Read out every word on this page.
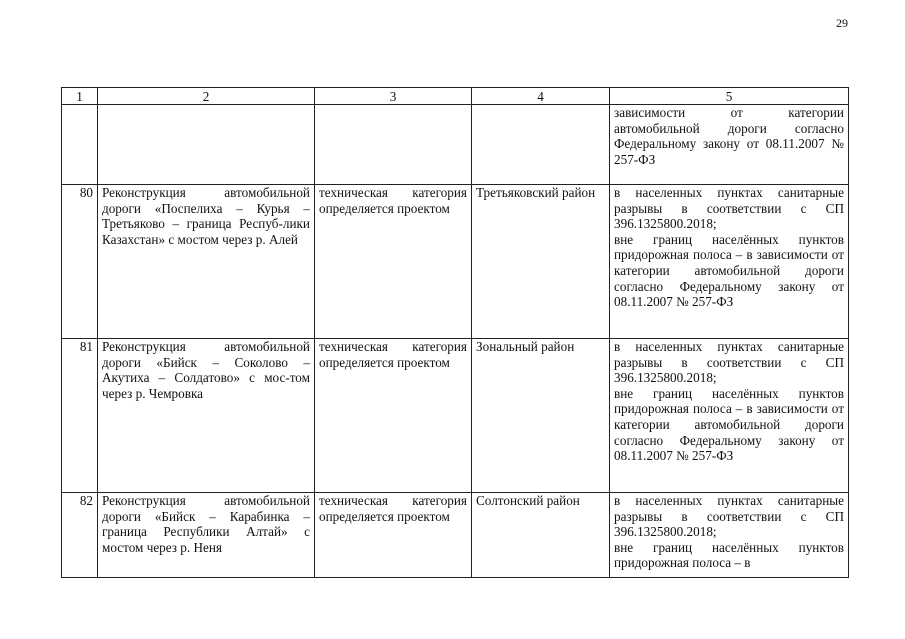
29
1	2	3	4	5
				зависимости от категории автомобильной дороги согласно Федеральному закону от 08.11.2007 № 257-ФЗ
80	Реконструкция автомобильной дороги «Поспелиха – Курья – Третьяково – граница Респуб-лики Казахстан» с мостом через р. Алей	техническая категория определяется проектом	Третьяковский район	в населенных пунктах санитарные разрывы в соответствии с СП 396.1325800.2018;
вне границ населённых пунктов придорожная полоса – в зависимости от категории автомобильной дороги согласно Федеральному закону от 08.11.2007 № 257-ФЗ

81	Реконструкция автомобильной дороги «Бийск – Соколово – Акутиха – Солдатово» с мос-том через р. Чемровка	техническая категория определяется проектом	Зональный район	в населенных пунктах санитарные разрывы в соответствии с СП 396.1325800.2018;
вне границ населённых пунктов придорожная полоса – в зависимости от категории автомобильной дороги согласно Федеральному закону от 08.11.2007 № 257-ФЗ

82	Реконструкция автомобильной дороги «Бийск – Карабинка – граница Республики Алтай» с мостом через р. Неня	техническая категория определяется проектом	Солтонский район	в населенных пунктах санитарные разрывы в соответствии с СП 396.1325800.2018;
вне границ населённых пунктов придорожная полоса – в
